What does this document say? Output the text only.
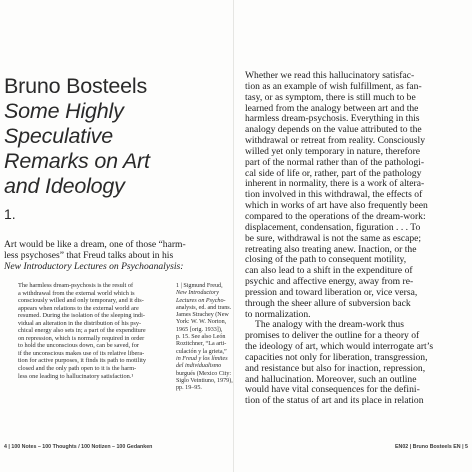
Bruno Bosteels
Some Highly
Speculative
Remarks on Art
and Ideology
1.

Art would be like a dream, one of those “harm-

less psychoses” that Freud talks about in his

New Introductory Lectures on Psychoanalysis:

The harmless dream-psychosis is the result of

a withdrawal from the external world which is

consciously willed and only temporary, and it dis-

appears when relations to the external world are

resumed. During the isolation of the sleeping indi-

vidual an alteration in the distribution of his psy-

chical energy also sets in; a part of the expenditure

on repression, which is normally required in order

to hold the unconscious down, can be saved, for

if the unconscious makes use of its relative libera-

tion for active purposes, it finds its path to motility

closed and the only path open to it is the harm-

less one leading to hallucinatory satisfaction.¹

1 | Sigmund Freud,

New Introductory

Lectures on Psycho-

analysis, ed. and trans.

James Strachey (New

York: W. W. Norton,

1965 [orig. 1933]),

p. 15. See also León

Rozitchner, “La arti-

culación y la grieta,”

in Freud y los límites

del individualismo

burgués (Mexico City:

Siglo Veintiuno, 1979),

pp. 19–95.

Whether we read this hallucinatory satisfac-

tion as an example of wish fulfillment, as fan-

tasy, or as symptom, there is still much to be

learned from the analogy between art and the

harmless dream-psychosis. Everything in this

analogy depends on the value attributed to the

withdrawal or retreat from reality. Consciously

willed yet only temporary in nature, therefore

part of the normal rather than of the pathologi-

cal side of life or, rather, part of the pathology

inherent in normality, there is a work of altera-

tion involved in this withdrawal, the effects of

which in works of art have also frequently been

compared to the operations of the dream-work:

displacement, condensation, figuration . . . To

be sure, withdrawal is not the same as escape;

retreating also treating anew. Inaction, or the

closing of the path to consequent motility,

can also lead to a shift in the expenditure of

psychic and affective energy, away from re-

pression and toward liberation or, vice versa,

through the sheer allure of subversion back

to normalization.

The analogy with the dream-work thus

promises to deliver the outline for a theory of

the ideology of art, which would interrogate art’s

capacities not only for liberation, transgression,

and resistance but also for inaction, repression,

and hallucination. Moreover, such an outline

would have vital consequences for the defini-

tion of the status of art and its place in relation

4 | 100 Notes – 100 Thoughts / 100 Notizen – 100 Gedanken	EN02 | Bruno Bosteels EN | 5
